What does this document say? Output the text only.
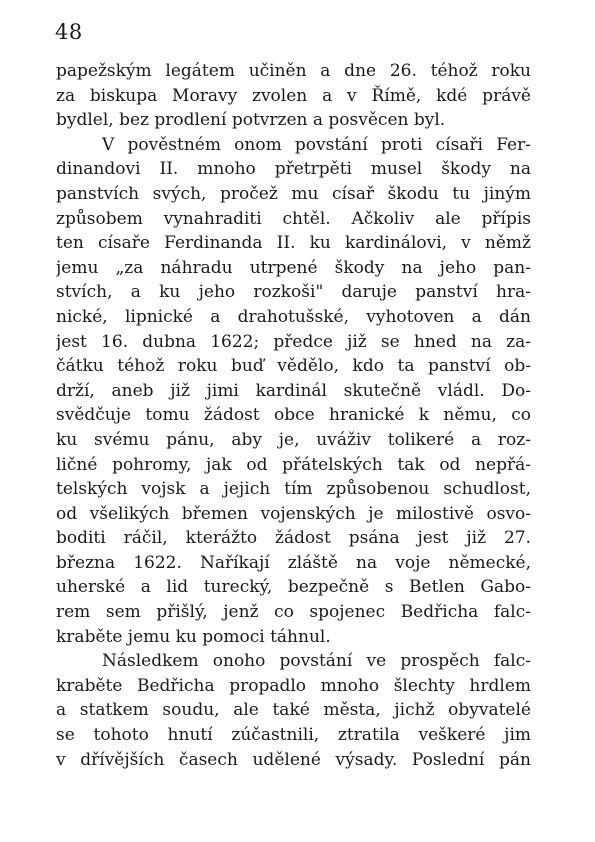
48
papežským legátem učiněn a dne 26. téhož roku
za biskupa Moravy zvolen a v Římě, kdé právě
bydlel, bez prodlení potvrzen a posvěcen byl.
V pověstném onom povstání proti císaři Fer-
dinandovi II. mnoho přetrpěti musel škody na
panstvích svých, pročež mu císař škodu tu jiným
způsobem vynahraditi chtěl. Ačkoliv ale přípis
ten císaře Ferdinanda II. ku kardinálovi, v němž
jemu „za náhradu utrpené škody na jeho pan-
stvích, a ku jeho rozkoši" daruje panství hra-
nické, lipnické a drahotušské, vyhotoven a dán
jest 16. dubna 1622; předce již se hned na za-
čátku téhož roku buď vědělo, kdo ta panství ob-
drží, aneb již jimi kardinál skutečně vládl. Do-
svědčuje tomu žádost obce hranické k němu, co
ku svému pánu, aby je, uváživ tolikeré a roz-
ličné pohromy, jak od přátelských tak od nepřá-
telských vojsk a jejich tím způsobenou schudlost,
od všelikých břemen vojenských je milostivě osvo-
boditi ráčil, kterážto žádost psána jest již 27.
března 1622. Naříkají zláště na voje německé,
uherské a lid turecký, bezpečně s Betlen Gabo-
rem sem přišlý, jenž co spojenec Bedřicha falc-
kraběte jemu ku pomoci táhnul.
Následkem onoho povstání ve prospěch falc-
kraběte Bedřicha propadlo mnoho šlechty hrdlem
a statkem soudu, ale také města, jichž obyvatelé
se tohoto hnutí zúčastnili, ztratila veškeré jim
v dřívějších časech udělené výsady. Poslední pán
